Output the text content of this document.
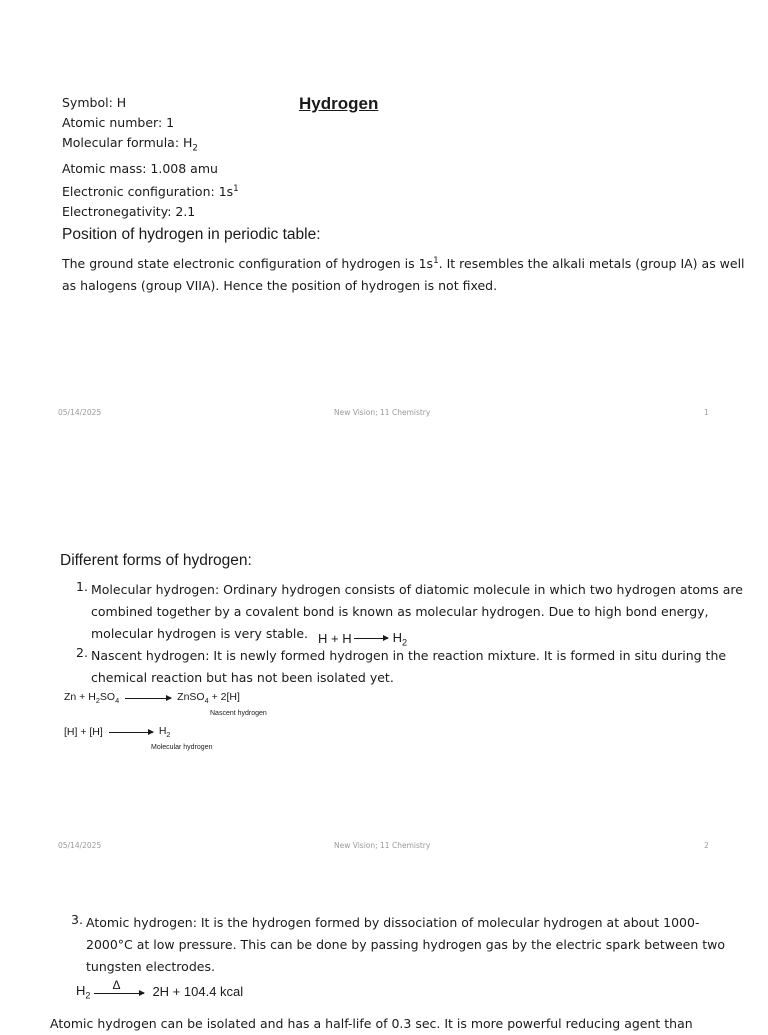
Hydrogen
Symbol: H
Atomic number: 1
Molecular formula: $H_2$
Atomic mass: 1.008 amu
Electronic configuration: $1s^1$
Electronegativity: 2.1
Position of hydrogen in periodic table:
The ground state electronic configuration of hydrogen is $1s^1$. It resembles the alkali metals (group IA) as well
as halogens (group VIIA). Hence the position of hydrogen is not fixed.
05/14/2025	New Vision; 11 Chemistry	1
Different forms of hydrogen:
1. Molecular hydrogen: Ordinary hydrogen consists of diatomic molecule in which two hydrogen atoms are
combined together by a covalent bond is known as molecular hydrogen. Due to high bond energy,
molecular hydrogen is very stable. H + H	$H_2$
2. Nascent hydrogen: It is newly formed hydrogen in the reaction mixture. It is formed in situ during the
chemical reaction but has not been isolated yet.
$Zn + H_2SO_4$	ZnSO$_4$ + 2[H]
Nascent hydrogen
[H] + [H]	$H_2$
Molecular hydrogen
05/14/2025	New Vision; 11 Chemistry	2
3. Atomic hydrogen: It is the hydrogen formed by dissociation of molecular hydrogen at about 1000-
2000°C at low pressure. This can be done by passing hydrogen gas by the electric spark between two
tungsten electrodes.
$H_2$
Δ 2H + 104.4 kcal
Atomic hydrogen can be isolated and has a half-life of 0.3 sec. It is more powerful reducing agent than
